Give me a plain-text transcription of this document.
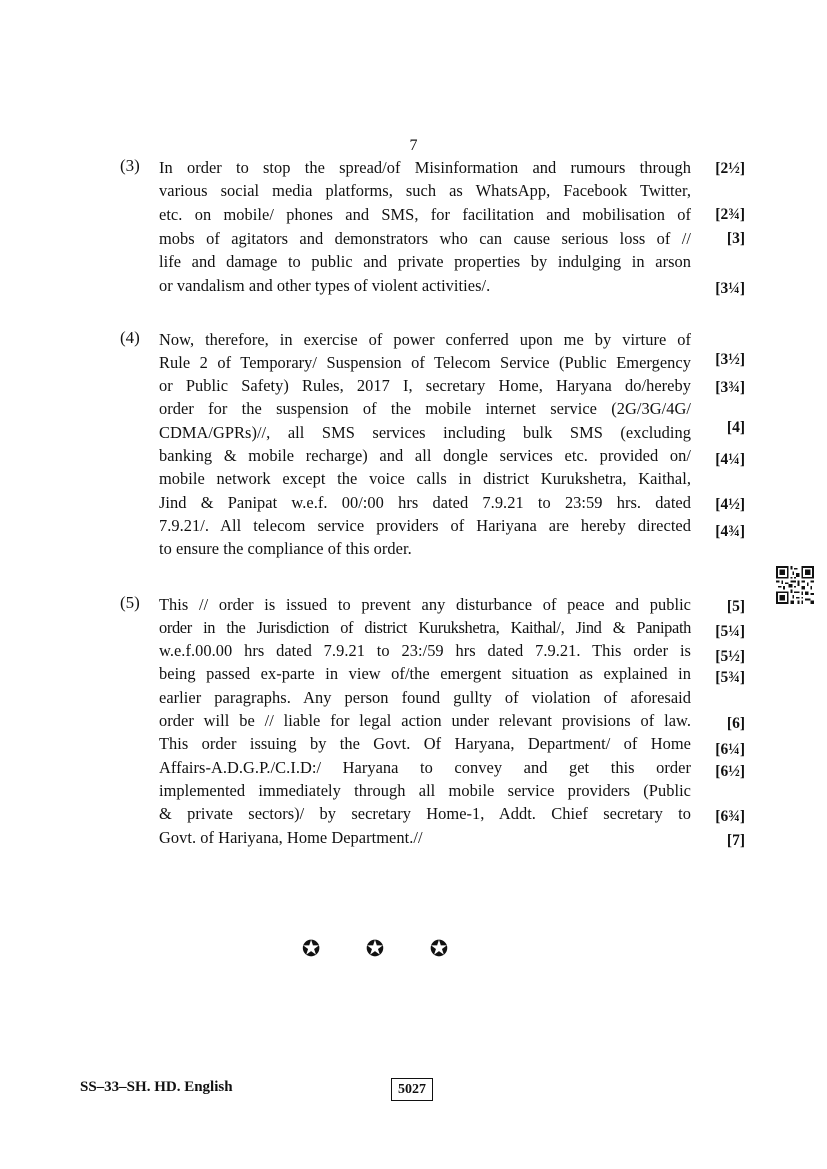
7
(3) In order to stop the spread/of Misinformation and rumours through
various social media platforms, such as WhatsApp, Facebook Twitter,
etc. on mobile/ phones and SMS, for facilitation and mobilisation of
mobs of agitators and demonstrators who can cause serious loss of //
life and damage to public and private properties by indulging in arson
or vandalism and other types of violent activities/.
[2½]
[2¾]
[3]
[3¼]
(4) Now, therefore, in exercise of power conferred upon me by virture of
Rule 2 of Temporary/ Suspension of Telecom Service (Public Emergency
or Public Safety) Rules, 2017 I, secretary Home, Haryana do/hereby
order for the suspension of the mobile internet service (2G/3G/4G/
CDMA/GPRs)//, all SMS services including bulk SMS (excluding
banking & mobile recharge) and all dongle services etc. provided on/
mobile network except the voice calls in district Kurukshetra, Kaithal,
Jind & Panipat w.e.f. 00/:00 hrs dated 7.9.21 to 23:59 hrs. dated
7.9.21/. All telecom service providers of Hariyana are hereby directed
to ensure the compliance of this order.
[3½]
[3¾]
[4]
[4¼]
[4½]
[4¾]
(5) This // order is issued to prevent any disturbance of peace and public
order in the Jurisdiction of district Kurukshetra, Kaithal/, Jind & Panipath
w.e.f.00.00 hrs dated 7.9.21 to 23:/59 hrs dated 7.9.21. This order is
being passed ex-parte in view of/the emergent situation as explained in
earlier paragraphs. Any person found gullty of violation of aforesaid
order will be // liable for legal action under relevant provisions of law.
This order issuing by the Govt. Of Haryana, Department/ of Home
Affairs-A.D.G.P./C.I.D:/ Haryana to convey and get this order
implemented immediately through all mobile service providers (Public
& private sectors)/ by secretary Home-1, Addt. Chief secretary to
Govt. of Hariyana, Home Department.//
[5]
[5¼]
[5½]
[5¾]
[6]
[6¼]
[6½]
[6¾]
[7]
✪ ✪ ✪
SS–33–SH. HD. English	5027
